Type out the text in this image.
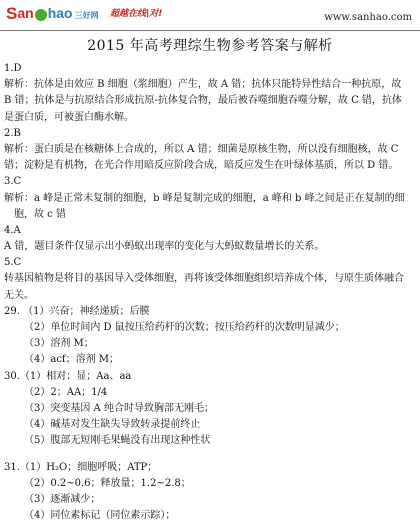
S an hao 三好网 超越在线|对!	www.sanhao.com
2015 年高考理综生物参考答案与解析
1.D
解析：抗体是由效应 B 细胞（浆细胞）产生，故 A 错；抗体只能特异性结合一种抗原，故
B 错；抗体是与抗原结合形成抗原-抗体复合物，最后被吞噬细胞吞噬分解，故 C 错，抗体
是蛋白质，可被蛋白酶水解。
2.B
解析：蛋白质是在核糖体上合成的，所以 A 错；细菌是原核生物，所以没有细胞核，故 C
错；淀粉是有机物，在光合作用暗反应阶段合成，暗反应发生在叶绿体基质，所以 D 错。
3.C
解析：a 峰是正常未复制的细胞，b 峰是复制完成的细胞，a 峰和 b 峰之间是正在复制的细
胞，故 c 错
4.A
A 错，题目条件仅显示出小蚂蚁出现率的变化与大蚂蚁数量增长的关系。
5.C
转基因植物是将目的基因导入受体细胞，再将该受体细胞组织培养成个体，与原生质体融合
无关。
29. （1）兴奋；神经递质；后膜
（2）单位时间内 D 鼠按压给药杆的次数；按压给药杆的次数明显减少；
（3）溶剂 M；
（4）acf；溶剂 M；
30.（1）相对；显；Aa、aa
（2）2；AA；1/4
（3）突变基因 A 纯合时导致胸部无刚毛；
（4）碱基对发生缺失导致转录提前终止
（5）腹部无短刚毛果蝇没有出现这种性状
31.（1）H₂O；细胞呼吸；ATP；
（2）0.2~0.6；释放量；1.2~2.8；
（3）逐渐减少；
（4）同位素标记（同位素示踪）；
